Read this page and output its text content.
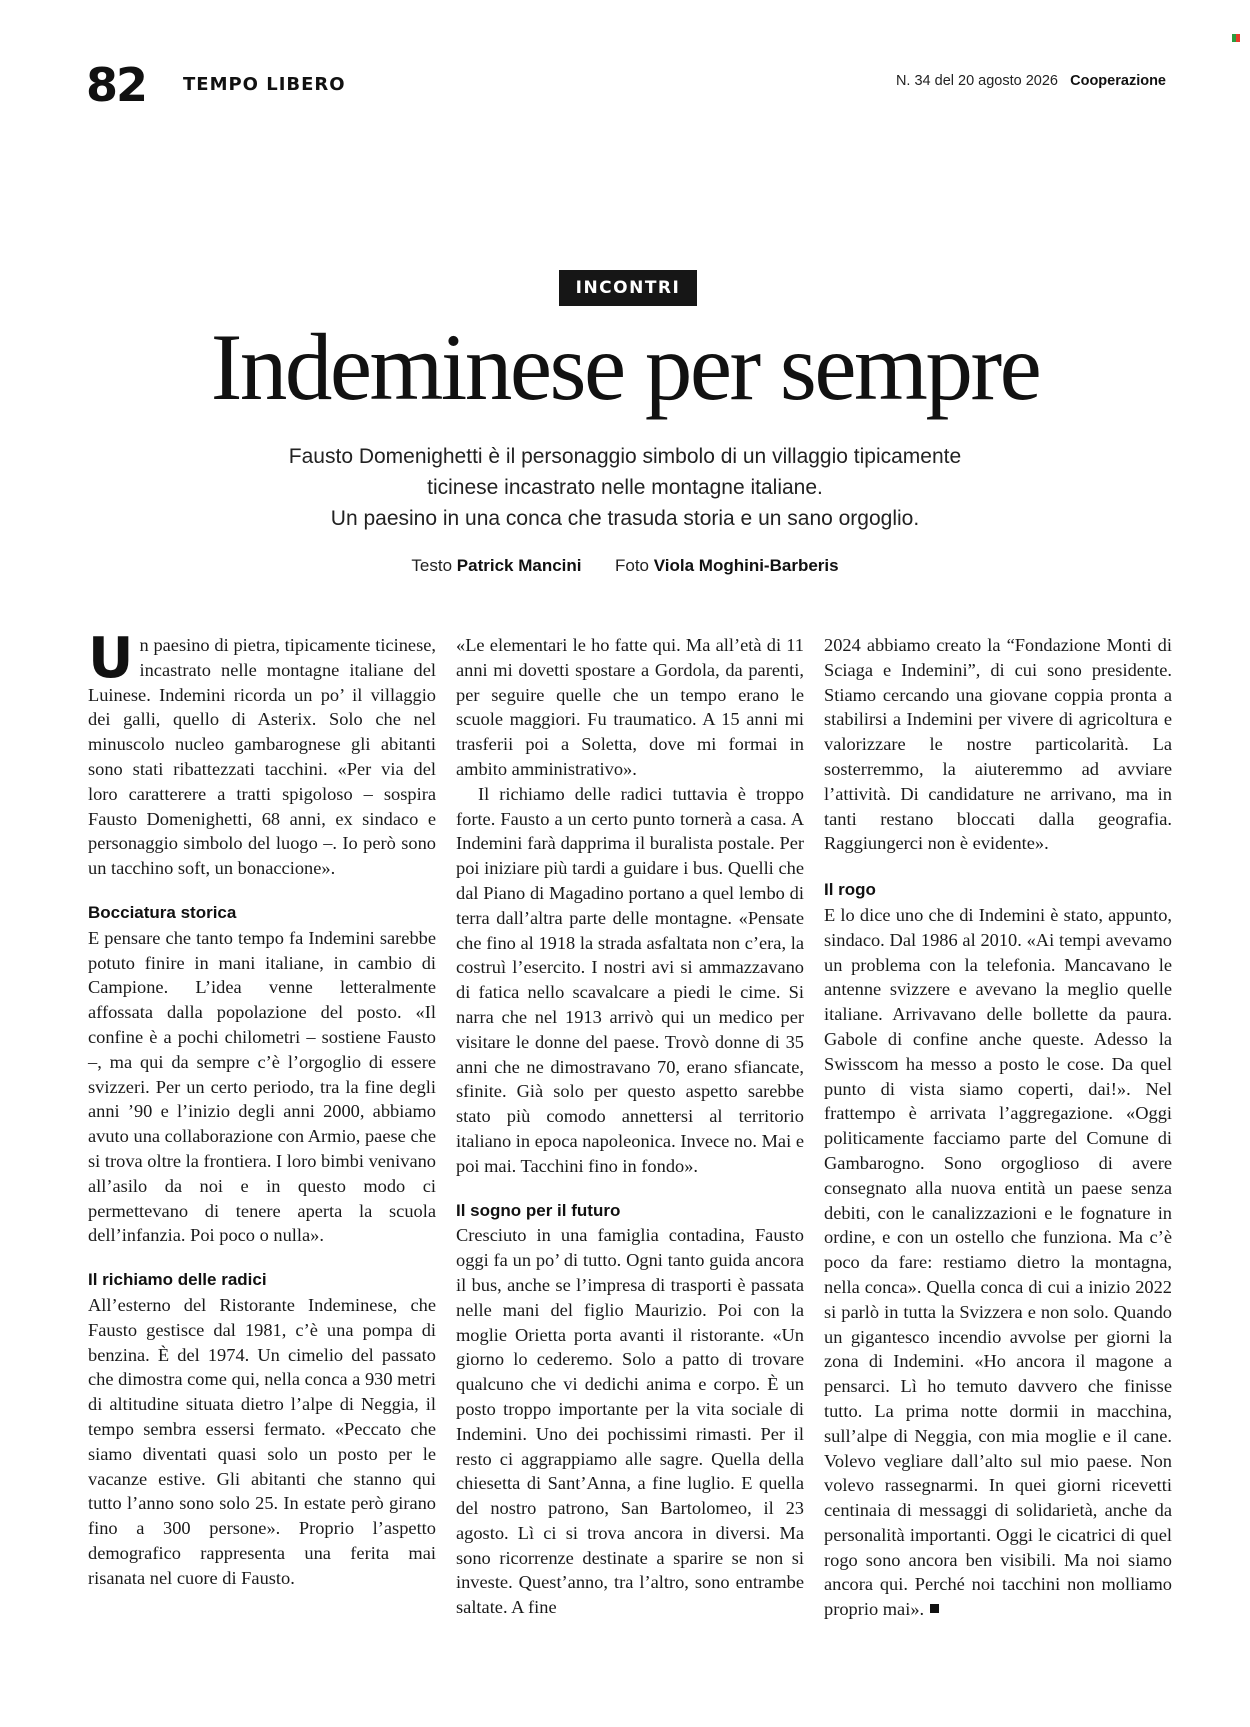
82 TEMPO LIBERO	N. 34 del 20 agosto 2026 Cooperazione
INCONTRI
Indeminese per sempre
Fausto Domenighetti è il personaggio simbolo di un villaggio tipicamente
ticinese incastrato nelle montagne italiane.
Un paesino in una conca che trasuda storia e un sano orgoglio.
Testo Patrick Mancini Foto Viola Moghini-Barberis

Un paesino di pietra, tipicamente ticinese, incastrato nelle montagne italiane del Luinese. Indemini ricorda un po’ il villaggio dei galli, quello di Asterix. Solo che nel minuscolo nucleo gambarognese gli abitanti sono stati ribattezzati tacchini. «Per via del loro caratterere a tratti spigoloso – sospira Fausto Domenighetti, 68 anni, ex sindaco e personaggio simbolo del luogo –. Io però sono un tacchino soft, un bonaccione».

Bocciatura storica

E pensare che tanto tempo fa Indemini sarebbe potuto finire in mani italiane, in cambio di Campione. L’idea venne letteralmente affossata dalla popolazione del posto. «Il confine è a pochi chilometri – sostiene Fausto –, ma qui da sempre c’è l’orgoglio di essere svizzeri. Per un certo periodo, tra la fine degli anni ’90 e l’inizio degli anni 2000, abbiamo avuto una collaborazione con Armio, paese che si trova oltre la frontiera. I loro bimbi venivano all’asilo da noi e in questo modo ci permettevano di tenere aperta la scuola dell’infanzia. Poi poco o nulla».

Il richiamo delle radici

All’esterno del Ristorante Indeminese, che Fausto gestisce dal 1981, c’è una pompa di benzina. È del 1974. Un cimelio del passato che dimostra come qui, nella conca a 930 metri di altitudine situata dietro l’alpe di Neggia, il tempo sembra essersi fermato. «Peccato che siamo diventati quasi solo un posto per le vacanze estive. Gli abitanti che stanno qui tutto l’anno sono solo 25. In estate però girano fino a 300 persone». Proprio l’aspetto demografico rappresenta una ferita mai risanata nel cuore di Fausto.

«Le elementari le ho fatte qui. Ma all’età di 11 anni mi dovetti spostare a Gordola, da parenti, per seguire quelle che un tempo erano le scuole maggiori. Fu traumatico. A 15 anni mi trasferii poi a Soletta, dove mi formai in ambito amministrativo».

Il richiamo delle radici tuttavia è troppo forte. Fausto a un certo punto tornerà a casa. A Indemini farà dapprima il buralista postale. Per poi iniziare più tardi a guidare i bus. Quelli che dal Piano di Magadino portano a quel lembo di terra dall’altra parte delle montagne. «Pensate che fino al 1918 la strada asfaltata non c’era, la costruì l’esercito. I nostri avi si ammazzavano di fatica nello scavalcare a piedi le cime. Si narra che nel 1913 arrivò qui un medico per visitare le donne del paese. Trovò donne di 35 anni che ne dimostravano 70, erano sfiancate, sfinite. Già solo per questo aspetto sarebbe stato più comodo annettersi al territorio italiano in epoca napoleonica. Invece no. Mai e poi mai. Tacchini fino in fondo».

Il sogno per il futuro

Cresciuto in una famiglia contadina, Fausto oggi fa un po’ di tutto. Ogni tanto guida ancora il bus, anche se l’impresa di trasporti è passata nelle mani del figlio Maurizio. Poi con la moglie Orietta porta avanti il ristorante. «Un giorno lo cederemo. Solo a patto di trovare qualcuno che vi dedichi anima e corpo. È un posto troppo importante per la vita sociale di Indemini. Uno dei pochissimi rimasti. Per il resto ci aggrappiamo alle sagre. Quella della chiesetta di Sant’Anna, a fine luglio. E quella del nostro patrono, San Bartolomeo, il 23 agosto. Lì ci si trova ancora in diversi. Ma sono ricorrenze destinate a sparire se non si investe. Quest’anno, tra l’altro, sono entrambe saltate. A fine

2024 abbiamo creato la “Fondazione Monti di Sciaga e Indemini”, di cui sono presidente. Stiamo cercando una giovane coppia pronta a stabilirsi a Indemini per vivere di agricoltura e valorizzare le nostre particolarità. La sosterremmo, la aiuteremmo ad avviare l’attività. Di candidature ne arrivano, ma in tanti restano bloccati dalla geografia. Raggiungerci non è evidente».

Il rogo

E lo dice uno che di Indemini è stato, appunto, sindaco. Dal 1986 al 2010. «Ai tempi avevamo un problema con la telefonia. Mancavano le antenne svizzere e avevano la meglio quelle italiane. Arrivavano delle bollette da paura. Gabole di confine anche queste. Adesso la Swisscom ha messo a posto le cose. Da quel punto di vista siamo coperti, dai!». Nel frattempo è arrivata l’aggregazione. «Oggi politicamente facciamo parte del Comune di Gambarogno. Sono orgoglioso di avere consegnato alla nuova entità un paese senza debiti, con le canalizzazioni e le fognature in ordine, e con un ostello che funziona. Ma c’è poco da fare: restiamo dietro la montagna, nella conca». Quella conca di cui a inizio 2022 si parlò in tutta la Svizzera e non solo. Quando un gigantesco incendio avvolse per giorni la zona di Indemini. «Ho ancora il magone a pensarci. Lì ho temuto davvero che finisse tutto. La prima notte dormii in macchina, sull’alpe di Neggia, con mia moglie e il cane. Volevo vegliare dall’alto sul mio paese. Non volevo rassegnarmi. In quei giorni ricevetti centinaia di messaggi di solidarietà, anche da personalità importanti. Oggi le cicatrici di quel rogo sono ancora ben visibili. Ma noi siamo ancora qui. Perché noi tacchini non molliamo proprio mai».
